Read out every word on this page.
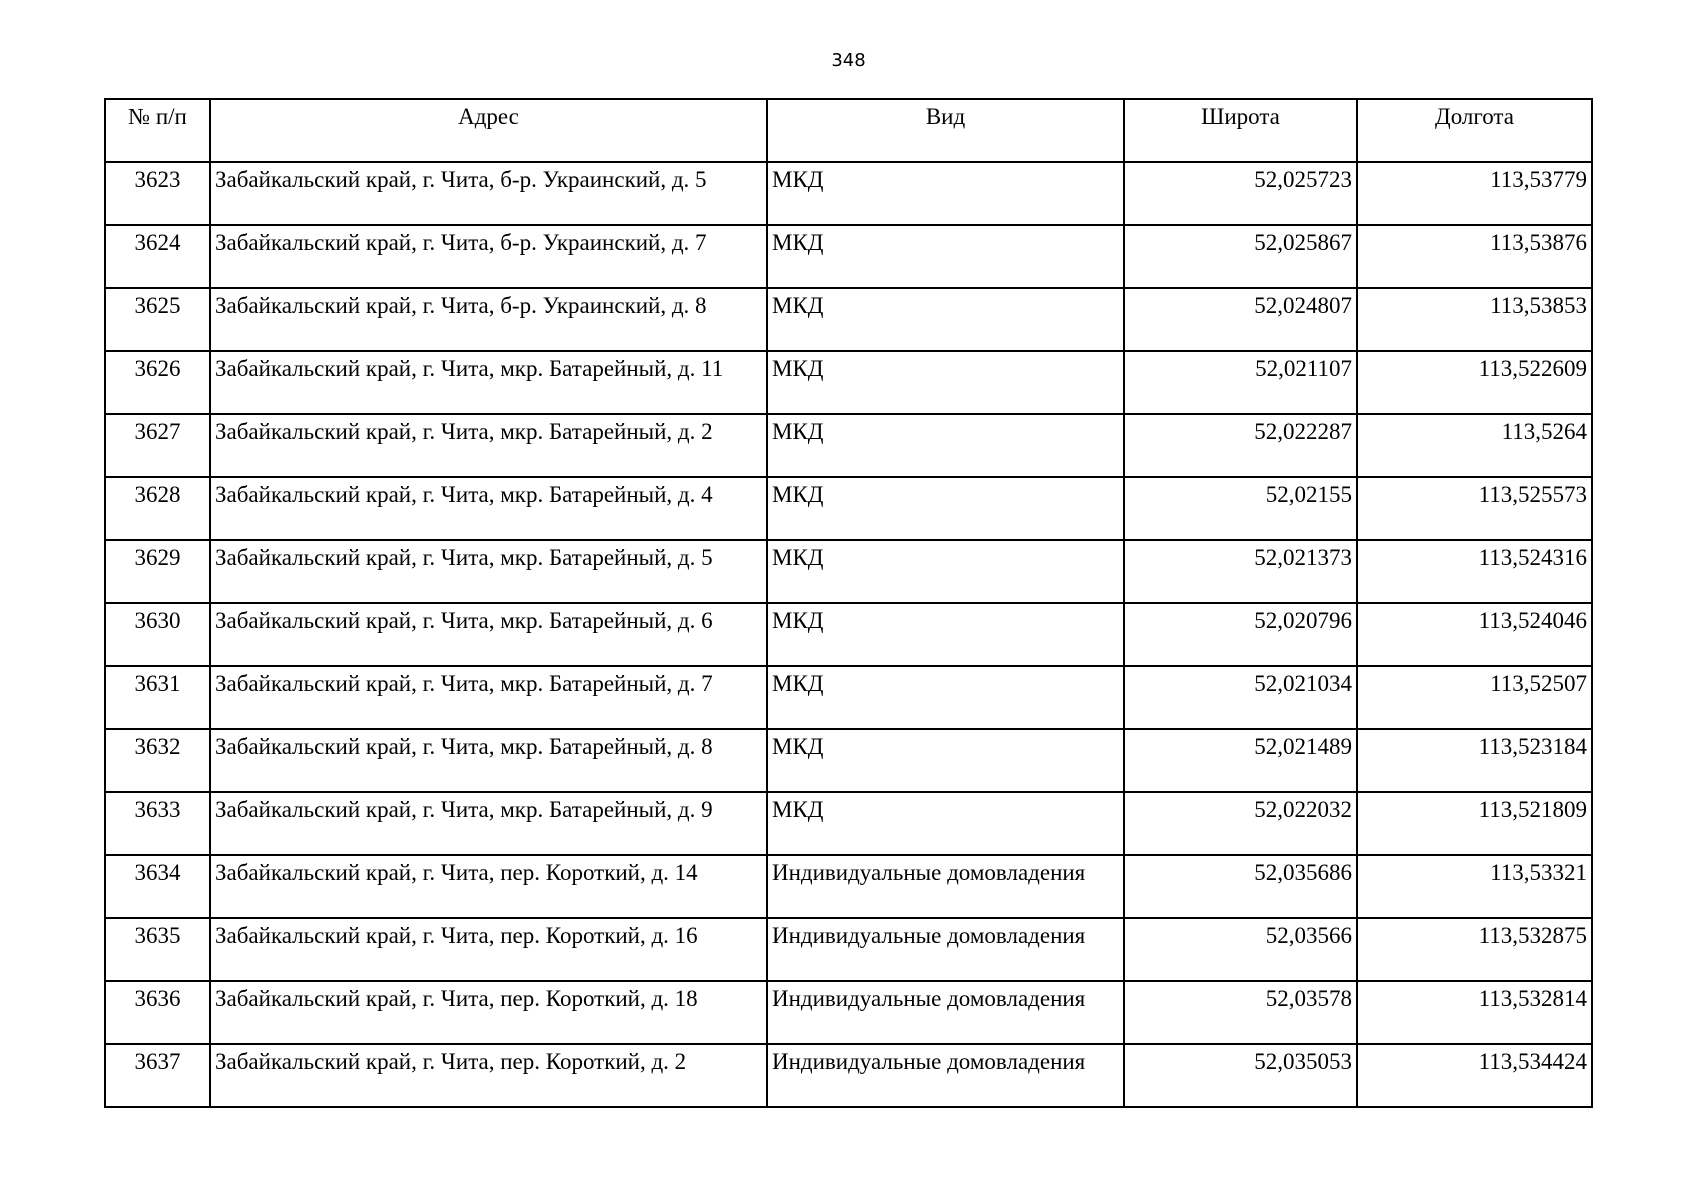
348
№ п/п	Адрес	Вид	Широта	Долгота
3623	Забайкальский край, г. Чита, б-р. Украинский, д. 5	МКД	52,025723	113,53779
3624	Забайкальский край, г. Чита, б-р. Украинский, д. 7	МКД	52,025867	113,53876
3625	Забайкальский край, г. Чита, б-р. Украинский, д. 8	МКД	52,024807	113,53853
3626	Забайкальский край, г. Чита, мкр. Батарейный, д. 11	МКД	52,021107	113,522609
3627	Забайкальский край, г. Чита, мкр. Батарейный, д. 2	МКД	52,022287	113,5264
3628	Забайкальский край, г. Чита, мкр. Батарейный, д. 4	МКД	52,02155	113,525573
3629	Забайкальский край, г. Чита, мкр. Батарейный, д. 5	МКД	52,021373	113,524316
3630	Забайкальский край, г. Чита, мкр. Батарейный, д. 6	МКД	52,020796	113,524046
3631	Забайкальский край, г. Чита, мкр. Батарейный, д. 7	МКД	52,021034	113,52507
3632	Забайкальский край, г. Чита, мкр. Батарейный, д. 8	МКД	52,021489	113,523184
3633	Забайкальский край, г. Чита, мкр. Батарейный, д. 9	МКД	52,022032	113,521809
3634	Забайкальский край, г. Чита, пер. Короткий, д. 14	Индивидуальные домовладения	52,035686	113,53321
3635	Забайкальский край, г. Чита, пер. Короткий, д. 16	Индивидуальные домовладения	52,03566	113,532875
3636	Забайкальский край, г. Чита, пер. Короткий, д. 18	Индивидуальные домовладения	52,03578	113,532814
3637	Забайкальский край, г. Чита, пер. Короткий, д. 2	Индивидуальные домовладения	52,035053	113,534424
